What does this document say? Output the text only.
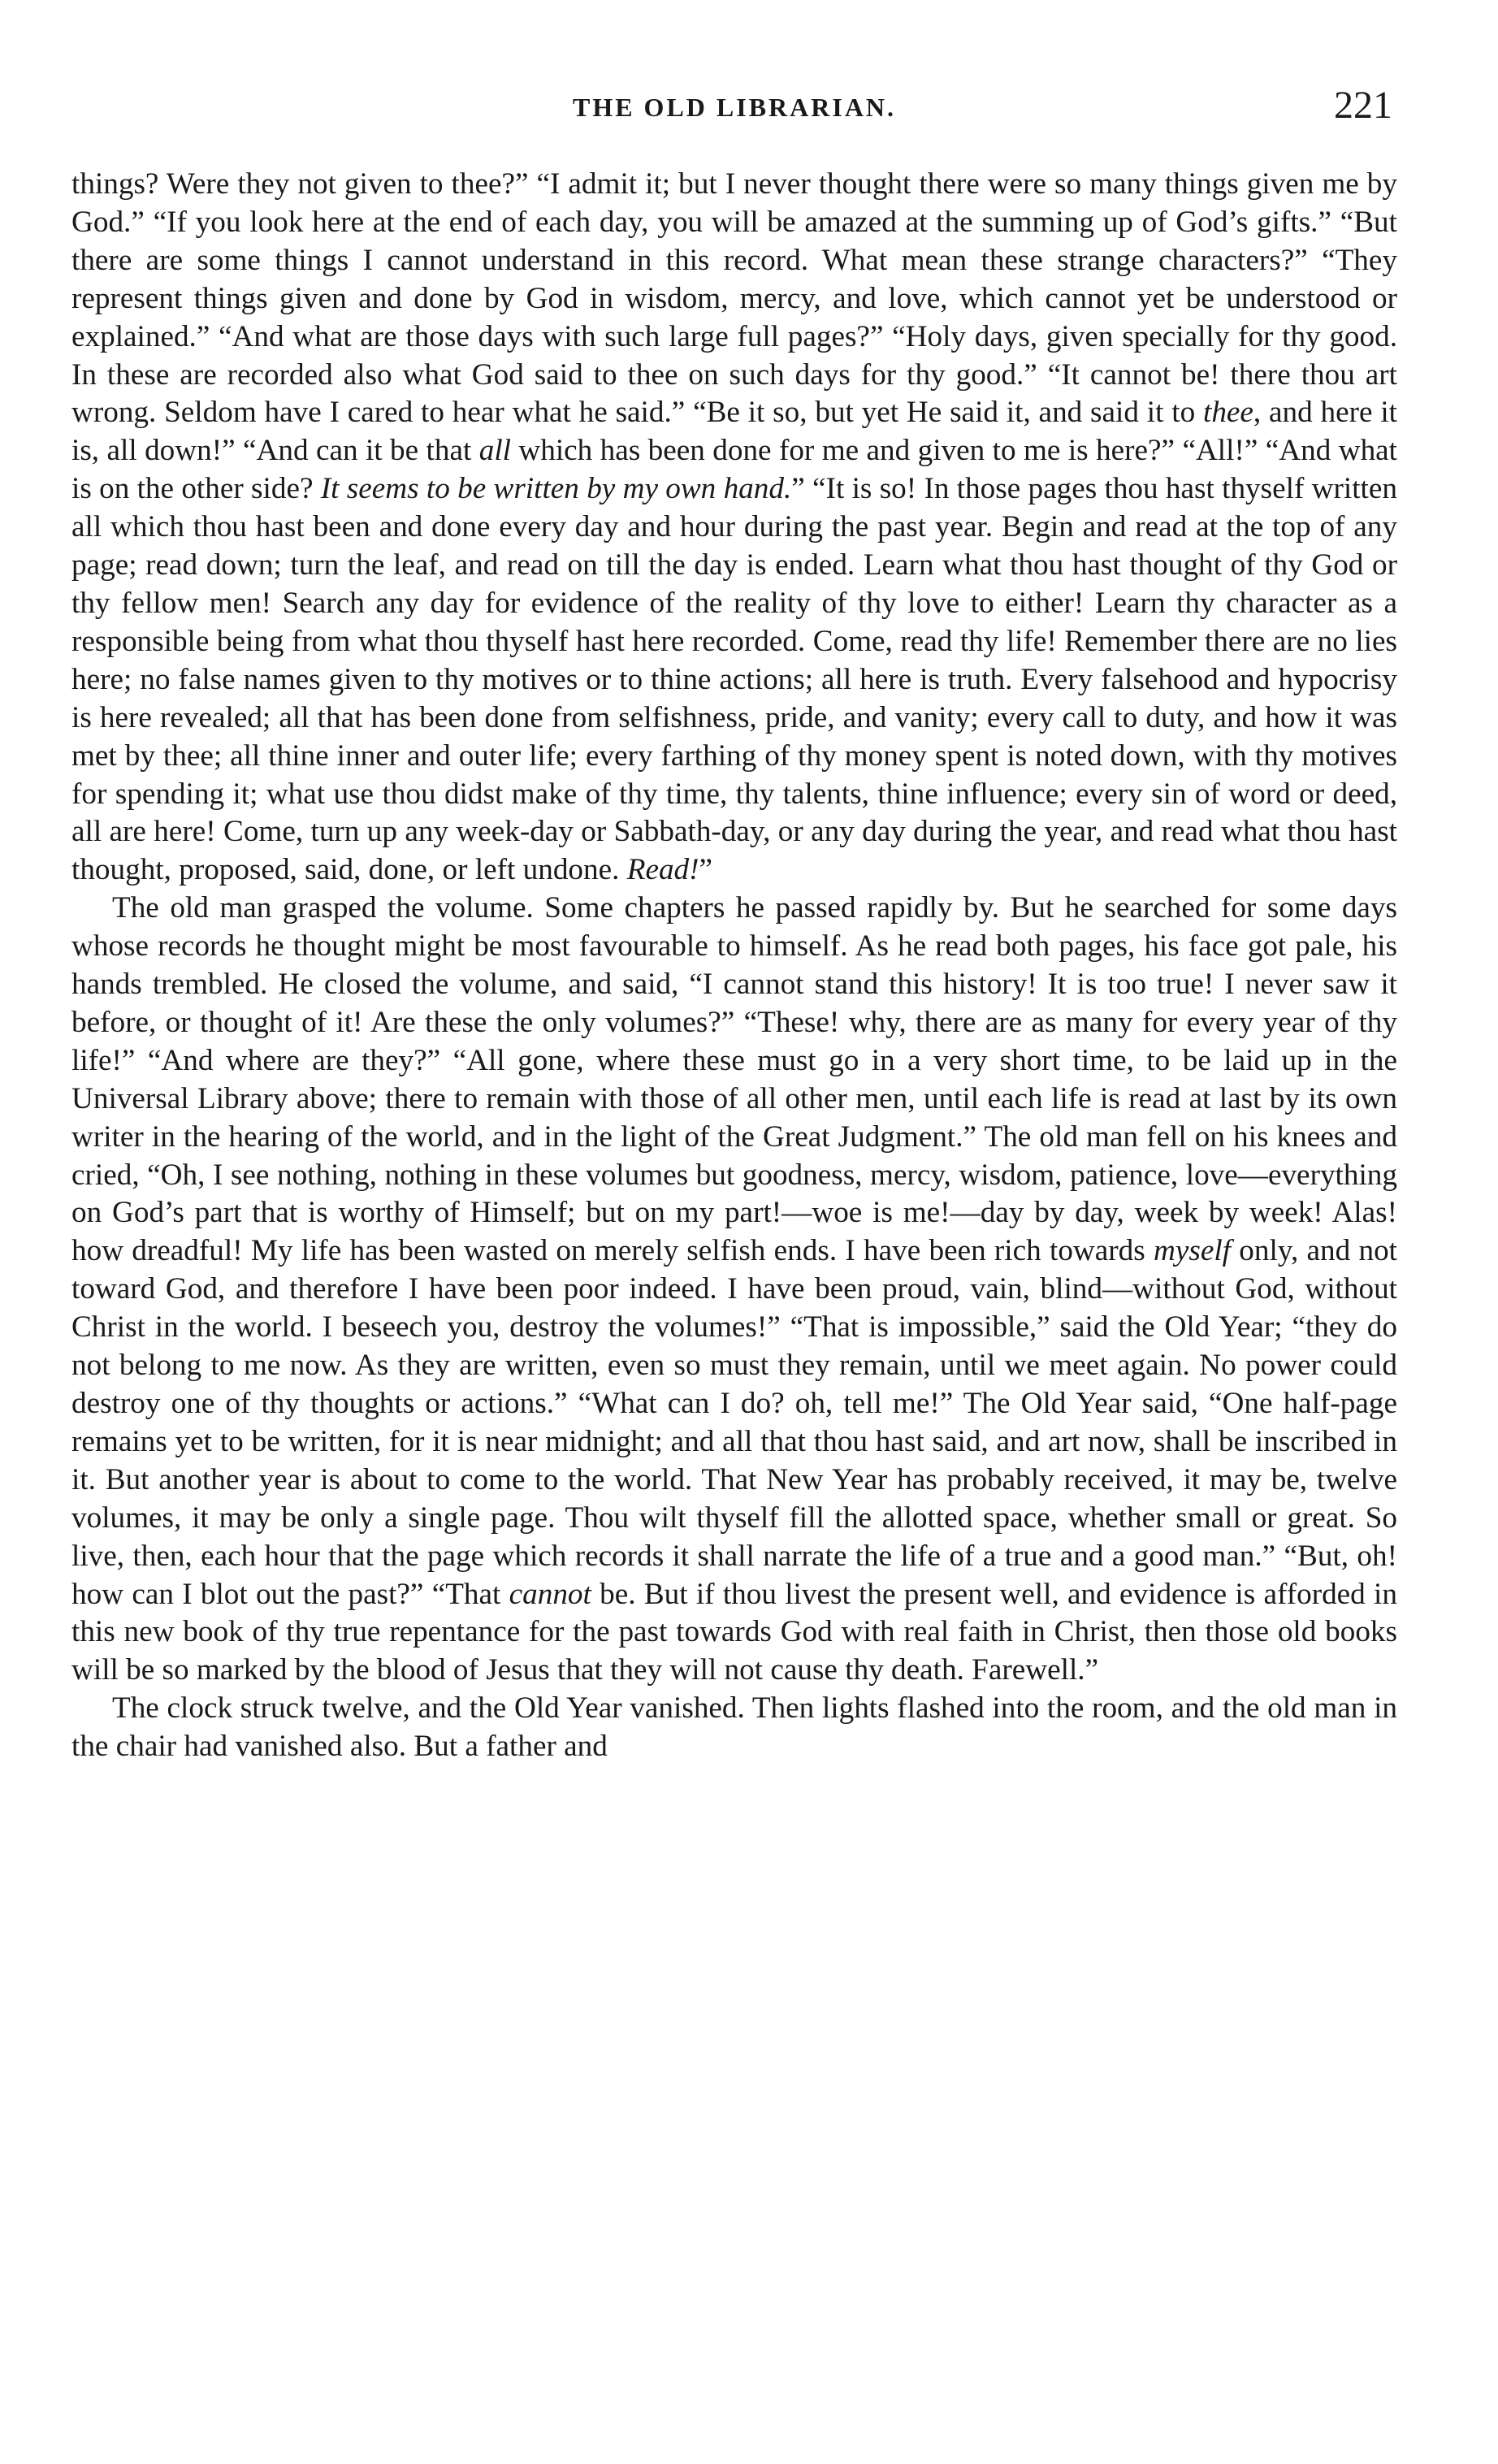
THE OLD LIBRARIAN.	221

things? Were they not given to thee?” “I admit it; but I never thought there were so many things given me by God.” “If you look here at the end of each day, you will be amazed at the summing up of God’s gifts.” “But there are some things I cannot understand in this record. What mean these strange characters?” “They represent things given and done by God in wisdom, mercy, and love, which cannot yet be understood or explained.” “And what are those days with such large full pages?” “Holy days, given specially for thy good. In these are recorded also what God said to thee on such days for thy good.” “It cannot be! there thou art wrong. Seldom have I cared to hear what he said.” “Be it so, but yet He said it, and said it to thee, and here it is, all down!” “And can it be that all which has been done for me and given to me is here?” “All!” “And what is on the other side? It seems to be written by my own hand.” “It is so! In those pages thou hast thyself written all which thou hast been and done every day and hour during the past year. Begin and read at the top of any page; read down; turn the leaf, and read on till the day is ended. Learn what thou hast thought of thy God or thy fellow men! Search any day for evidence of the reality of thy love to either! Learn thy character as a responsible being from what thou thyself hast here recorded. Come, read thy life! Remember there are no lies here; no false names given to thy motives or to thine actions; all here is truth. Every falsehood and hypocrisy is here revealed; all that has been done from selfishness, pride, and vanity; every call to duty, and how it was met by thee; all thine inner and outer life; every farthing of thy money spent is noted down, with thy motives for spending it; what use thou didst make of thy time, thy talents, thine influence; every sin of word or deed, all are here! Come, turn up any week-day or Sabbath-day, or any day during the year, and read what thou hast thought, proposed, said, done, or left undone. Read!”

The old man grasped the volume. Some chapters he passed rapidly by. But he searched for some days whose records he thought might be most favourable to himself. As he read both pages, his face got pale, his hands trembled. He closed the volume, and said, “I cannot stand this history! It is too true! I never saw it before, or thought of it! Are these the only volumes?” “These! why, there are as many for every year of thy life!” “And where are they?” “All gone, where these must go in a very short time, to be laid up in the Universal Library above; there to remain with those of all other men, until each life is read at last by its own writer in the hearing of the world, and in the light of the Great Judgment.” The old man fell on his knees and cried, “Oh, I see nothing, nothing in these volumes but goodness, mercy, wisdom, patience, love—everything on God’s part that is worthy of Himself; but on my part!—woe is me!—day by day, week by week! Alas! how dreadful! My life has been wasted on merely selfish ends. I have been rich towards myself only, and not toward God, and therefore I have been poor indeed. I have been proud, vain, blind—without God, without Christ in the world. I beseech you, destroy the volumes!” “That is impossible,” said the Old Year; “they do not belong to me now. As they are written, even so must they remain, until we meet again. No power could destroy one of thy thoughts or actions.” “What can I do? oh, tell me!” The Old Year said, “One half-page remains yet to be written, for it is near midnight; and all that thou hast said, and art now, shall be inscribed in it. But another year is about to come to the world. That New Year has probably received, it may be, twelve volumes, it may be only a single page. Thou wilt thyself fill the allotted space, whether small or great. So live, then, each hour that the page which records it shall narrate the life of a true and a good man.” “But, oh! how can I blot out the past?” “That cannot be. But if thou livest the present well, and evidence is afforded in this new book of thy true repentance for the past towards God with real faith in Christ, then those old books will be so marked by the blood of Jesus that they will not cause thy death. Farewell.”

The clock struck twelve, and the Old Year vanished. Then lights flashed into the room, and the old man in the chair had vanished also. But a father and
